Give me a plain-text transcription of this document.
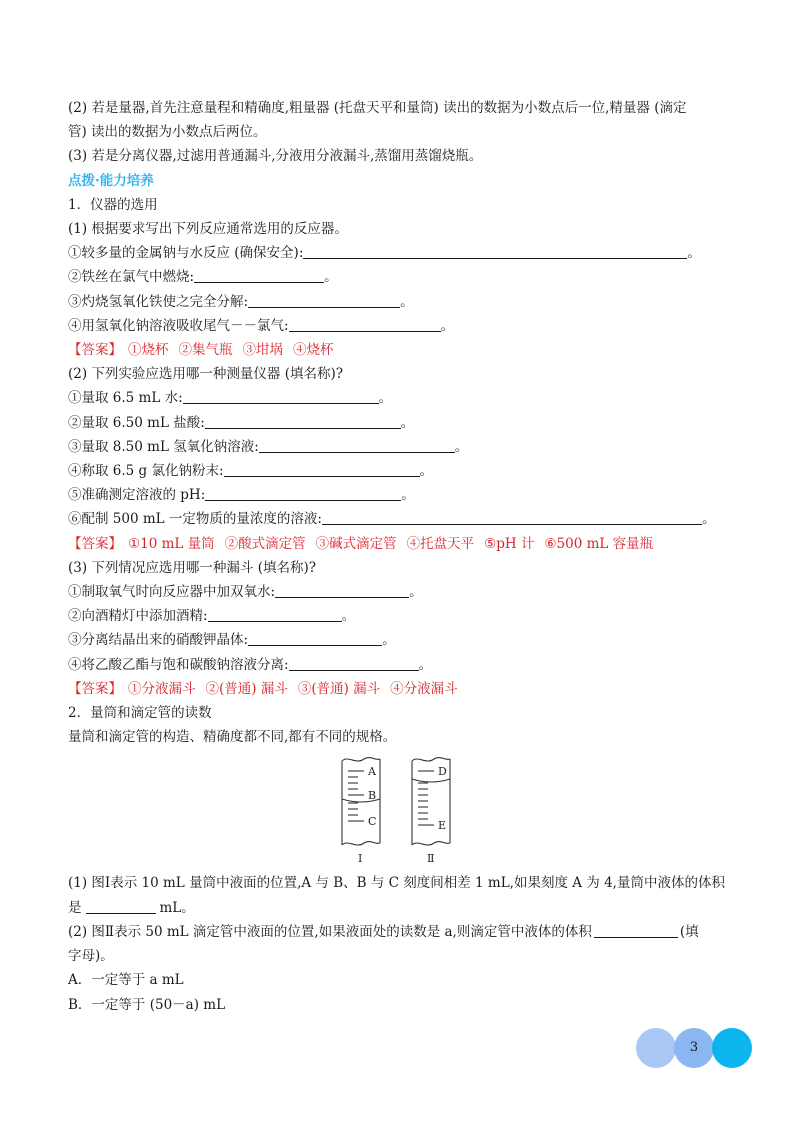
(2) 若是量器,首先注意量程和精确度,粗量器 (托盘天平和量筒) 读出的数据为小数点后一位,精量器 (滴定
管) 读出的数据为小数点后两位。
(3) 若是分离仪器,过滤用普通漏斗,分液用分液漏斗,蒸馏用蒸馏烧瓶。
点拨·能力培养
1．仪器的选用
(1) 根据要求写出下列反应通常选用的反应器。
①较多量的金属钠与水反应 (确保安全):	。
②铁丝在氯气中燃烧:	。
③灼烧氢氧化铁使之完全分解:	。
④用氢氧化钠溶液吸收尾气－－氯气:	。
【答案】 ①烧杯 ②集气瓶 ③坩埚 ④烧杯
(2) 下列实验应选用哪一种测量仪器 (填名称)?
①量取 6.5 mL 水:	。
②量取 6.50 mL 盐酸:	。
③量取 8.50 mL 氢氧化钠溶液:	。
④称取 6.5 g 氯化钠粉末:	。
⑤准确测定溶液的 pH:	。
⑥配制 500 mL 一定物质的量浓度的溶液:	。
【答案】 ①10 mL 量筒 ②酸式滴定管 ③碱式滴定管 ④托盘天平 ⑤pH 计 ⑥500 mL 容量瓶
(3) 下列情况应选用哪一种漏斗 (填名称)?
①制取氧气时向反应器中加双氧水:	。
②向酒精灯中添加酒精:	。
③分离结晶出来的硝酸钾晶体:	。
④将乙酸乙酯与饱和碳酸钠溶液分离:	。
【答案】 ①分液漏斗 ②(普通) 漏斗 ③(普通) 漏斗 ④分液漏斗
2．量筒和滴定管的读数
量筒和滴定管的构造、精确度都不同,都有不同的规格。
A
B
C
Ⅰ
D
E
Ⅱ
(1) 图Ⅰ表示 10 mL 量筒中液面的位置,A 与 B、B 与 C 刻度间相差 1 mL,如果刻度 A 为 4,量筒中液体的体积
是	mL。
(2) 图Ⅱ表示 50 mL 滴定管中液面的位置,如果液面处的读数是 a,则滴定管中液体的体积	(填
字母)。
A．一定等于 a mL
B．一定等于 (50－a) mL
3
